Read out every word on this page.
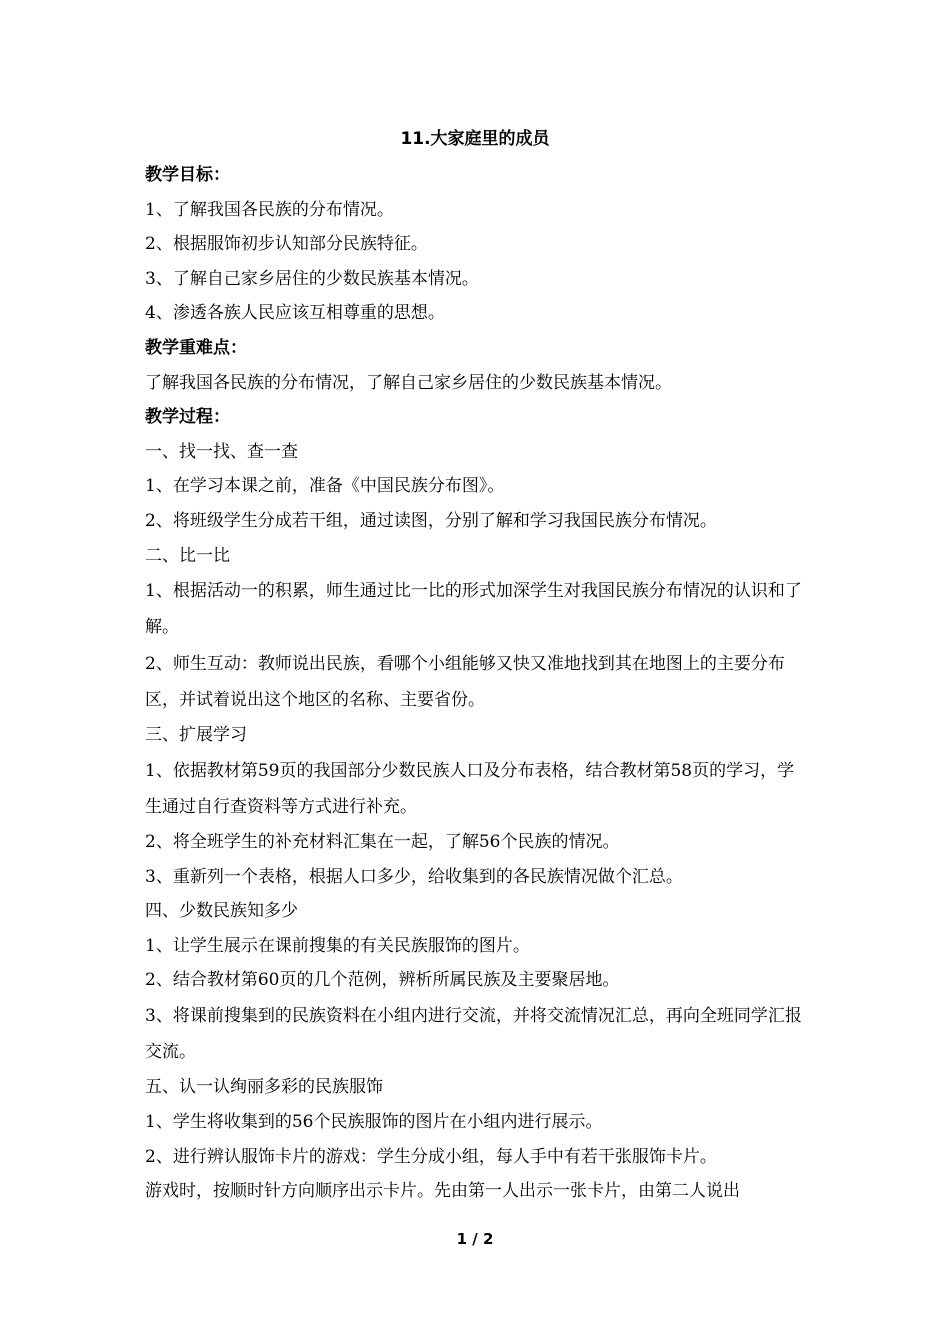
11.大家庭里的成员

教学目标：

1、了解我国各民族的分布情况。

2、根据服饰初步认知部分民族特征。

3、了解自己家乡居住的少数民族基本情况。

4、渗透各族人民应该互相尊重的思想。

教学重难点：

了解我国各民族的分布情况，了解自己家乡居住的少数民族基本情况。

教学过程：

一、找一找、查一查

1、在学习本课之前，准备《中国民族分布图》。

2、将班级学生分成若干组，通过读图，分别了解和学习我国民族分布情况。

二、比一比

1、根据活动一的积累，师生通过比一比的形式加深学生对我国民族分布情况的认识和了解。

2、师生互动：教师说出民族，看哪个小组能够又快又准地找到其在地图上的主要分布区，并试着说出这个地区的名称、主要省份。

三、扩展学习

1、依据教材第59页的我国部分少数民族人口及分布表格，结合教材第58页的学习，学生通过自行查资料等方式进行补充。

2、将全班学生的补充材料汇集在一起，了解56个民族的情况。

3、重新列一个表格，根据人口多少，给收集到的各民族情况做个汇总。

四、少数民族知多少

1、让学生展示在课前搜集的有关民族服饰的图片。

2、结合教材第60页的几个范例，辨析所属民族及主要聚居地。

3、将课前搜集到的民族资料在小组内进行交流，并将交流情况汇总，再向全班同学汇报交流。

五、认一认绚丽多彩的民族服饰

1、学生将收集到的56个民族服饰的图片在小组内进行展示。

2、进行辨认服饰卡片的游戏：学生分成小组，每人手中有若干张服饰卡片。

游戏时，按顺时针方向顺序出示卡片。先由第一人出示一张卡片，由第二人说出

1 / 2
